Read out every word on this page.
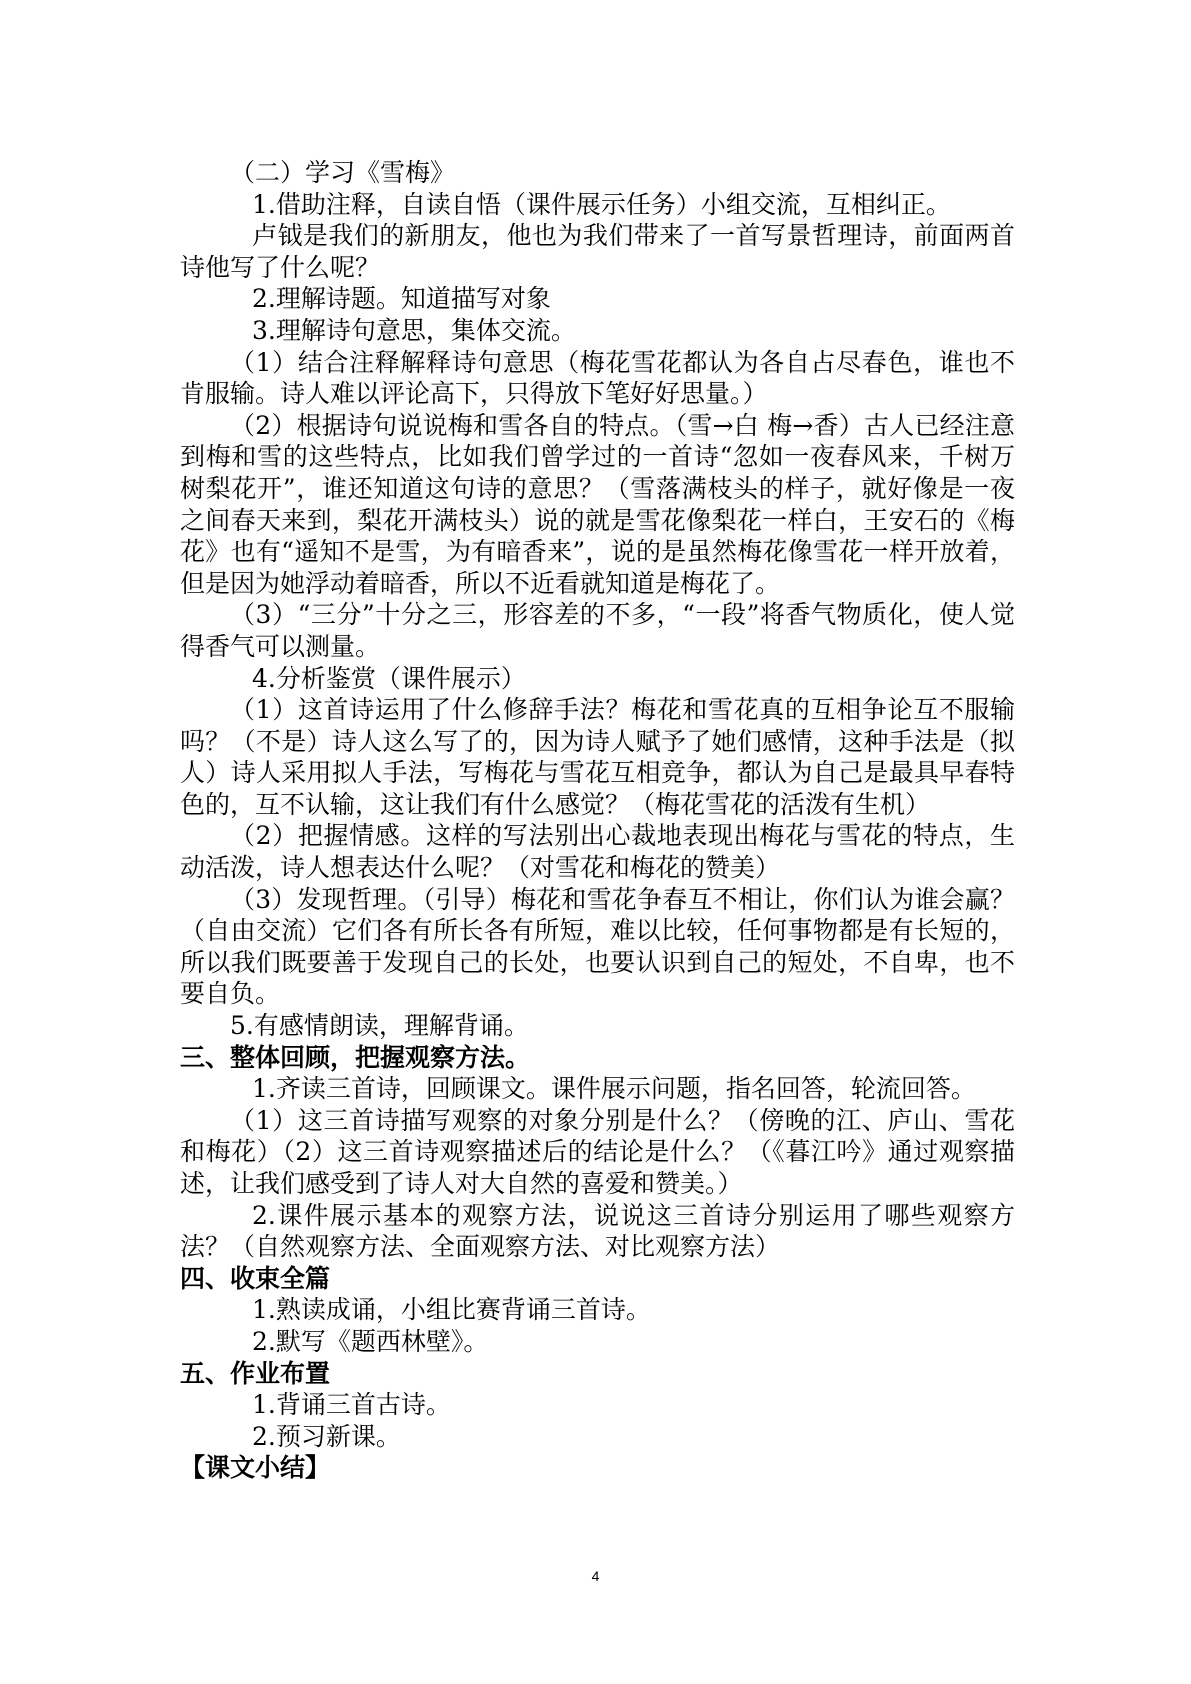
（二）学习《雪梅》

1.借助注释，自读自悟（课件展示任务）小组交流，互相纠正。

卢钺是我们的新朋友，他也为我们带来了一首写景哲理诗，前面两首诗他写了什么呢？

2.理解诗题。知道描写对象

3.理解诗句意思，集体交流。

（1）结合注释解释诗句意思（梅花雪花都认为各自占尽春色，谁也不肯服输。诗人难以评论高下，只得放下笔好好思量。）

（2）根据诗句说说梅和雪各自的特点。（雪→白 梅→香）古人已经注意到梅和雪的这些特点，比如我们曾学过的一首诗“忽如一夜春风来，千树万树梨花开”，谁还知道这句诗的意思？（雪落满枝头的样子，就好像是一夜之间春天来到，梨花开满枝头）说的就是雪花像梨花一样白，王安石的《梅花》也有“遥知不是雪，为有暗香来”，说的是虽然梅花像雪花一样开放着，但是因为她浮动着暗香，所以不近看就知道是梅花了。

（3）“三分”十分之三，形容差的不多，“一段”将香气物质化，使人觉得香气可以测量。

4.分析鉴赏（课件展示）

（1）这首诗运用了什么修辞手法？梅花和雪花真的互相争论互不服输吗？（不是）诗人这么写了的，因为诗人赋予了她们感情，这种手法是（拟人）诗人采用拟人手法，写梅花与雪花互相竞争，都认为自己是最具早春特色的，互不认输，这让我们有什么感觉？（梅花雪花的活泼有生机）

（2）把握情感。这样的写法别出心裁地表现出梅花与雪花的特点，生动活泼，诗人想表达什么呢？（对雪花和梅花的赞美）

（3）发现哲理。（引导）梅花和雪花争春互不相让，你们认为谁会赢？（自由交流）它们各有所长各有所短，难以比较，任何事物都是有长短的，所以我们既要善于发现自己的长处，也要认识到自己的短处，不自卑，也不要自负。

5.有感情朗读，理解背诵。

三、整体回顾，把握观察方法。

1.齐读三首诗，回顾课文。课件展示问题，指名回答，轮流回答。

（1）这三首诗描写观察的对象分别是什么？（傍晚的江、庐山、雪花和梅花）（2）这三首诗观察描述后的结论是什么？（《暮江吟》通过观察描述，让我们感受到了诗人对大自然的喜爱和赞美。）

2.课件展示基本的观察方法，说说这三首诗分别运用了哪些观察方法？（自然观察方法、全面观察方法、对比观察方法）

四、收束全篇

1.熟读成诵，小组比赛背诵三首诗。

2.默写《题西林壁》。

五、作业布置

1.背诵三首古诗。

2.预习新课。

【课文小结】

4
